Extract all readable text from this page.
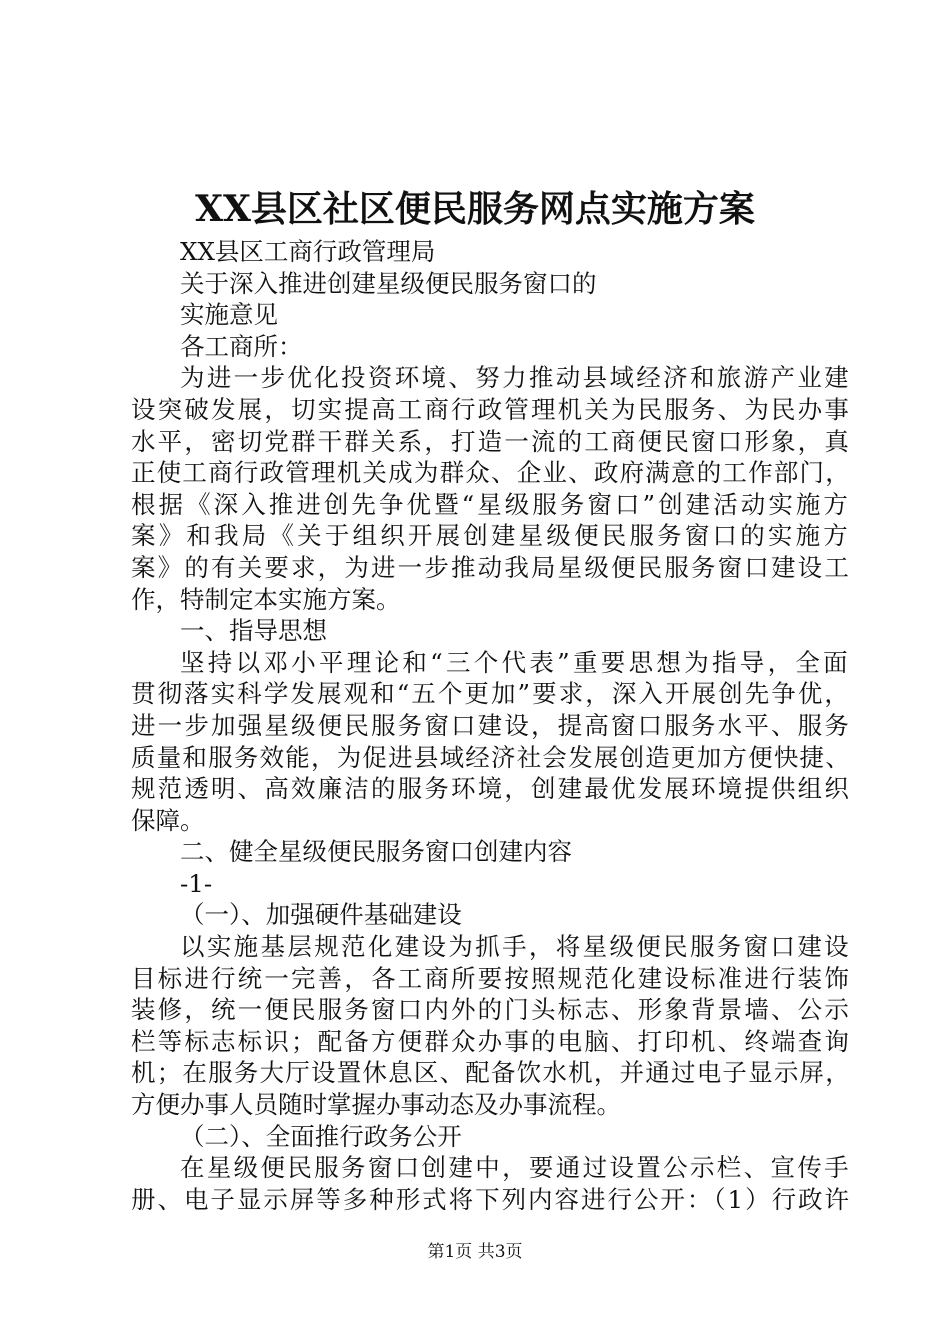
XX县区社区便民服务网点实施方案
XX县区工商行政管理局
关于深入推进创建星级便民服务窗口的
实施意见
各工商所：
为进一步优化投资环境、努力推动县域经济和旅游产业建
设突破发展，切实提高工商行政管理机关为民服务、为民办事
水平，密切党群干群关系，打造一流的工商便民窗口形象，真
正使工商行政管理机关成为群众、企业、政府满意的工作部门，
根据《深入推进创先争优暨“星级服务窗口”创建活动实施方
案》和我局《关于组织开展创建星级便民服务窗口的实施方
案》的有关要求，为进一步推动我局星级便民服务窗口建设工
作，特制定本实施方案。
一、指导思想
坚持以邓小平理论和“三个代表”重要思想为指导，全面
贯彻落实科学发展观和“五个更加”要求，深入开展创先争优，
进一步加强星级便民服务窗口建设，提高窗口服务水平、服务
质量和服务效能，为促进县域经济社会发展创造更加方便快捷、
规范透明、高效廉洁的服务环境，创建最优发展环境提供组织
保障。
二、健全星级便民服务窗口创建内容
-1-
（一）、加强硬件基础建设
以实施基层规范化建设为抓手，将星级便民服务窗口建设
目标进行统一完善，各工商所要按照规范化建设标准进行装饰
装修，统一便民服务窗口内外的门头标志、形象背景墙、公示
栏等标志标识；配备方便群众办事的电脑、打印机、终端查询
机；在服务大厅设置休息区、配备饮水机，并通过电子显示屏，
方便办事人员随时掌握办事动态及办事流程。
（二）、全面推行政务公开
在星级便民服务窗口创建中，要通过设置公示栏、宣传手
册、电子显示屏等多种形式将下列内容进行公开：（1）行政许
第1页 共3页
